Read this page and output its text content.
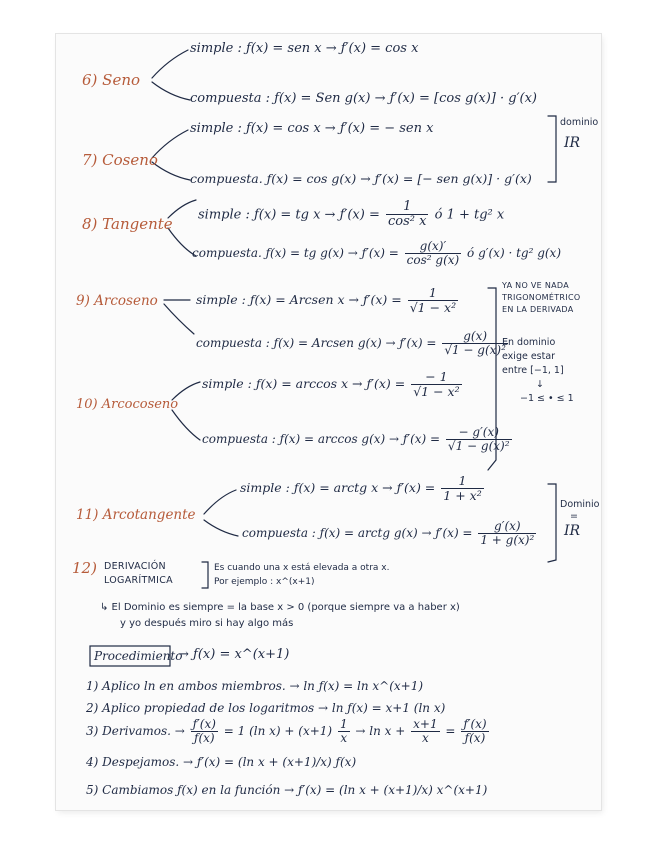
6) Seno
simple : ƒ(x) = sen x → ƒ′(x) = cos x
compuesta : ƒ(x) = Sen g(x) → ƒ′(x) = [cos g(x)] · g′(x)
7) Coseno
simple : ƒ(x) = cos x → ƒ′(x) = − sen x
compuesta. ƒ(x) = cos g(x) → ƒ′(x) = [− sen g(x)] · g′(x)
dominio
IR
8) Tangente
simple : ƒ(x) = tg x → ƒ′(x) = $\frac{1}{\text{cos² x}}$ ó 1 + tg² x
compuesta. ƒ(x) = tg g(x) → ƒ′(x) = $\frac{g(x)'}{\text{cos² g(x)}}$ ó g′(x) · tg² g(x)
9) Arcoseno	simple : ƒ(x) = Arcsen x → ƒ′(x) = $\frac{1}{\text{√1 − x²}}$
compuesta : ƒ(x) = Arcsen g(x) → ƒ′(x) = $\frac{g(x)}{\text{√1 − g(x)²}}$
YA NO VE NADA
TRIGONOMÉTRICO
EN LA DERIVADA
En dominio
exige estar
entre [−1, 1]
↓
−1 ≤ • ≤ 1
10) Arcocoseno
simple : ƒ(x) = arccos x → ƒ′(x) = $\frac{- 1}{\text{√1 − x²}}$
compuesta : ƒ(x) = arccos g(x) → ƒ′(x) = $\frac{- g'(x)}{\text{√1 − g(x)²}}$
11) Arcotangente
simple : ƒ(x) = arctg x → ƒ′(x) = $\frac{1}{\text{1 + x²}}$
compuesta : ƒ(x) = arctg g(x) → ƒ′(x) = $\frac{g'(x)}{\text{1 + g(x)²}}$
Dominio
=
IR
12) DERIVACIÓN
LOGARÍTMICA
Es cuando una x está elevada a otra x.
Por ejemplo : x^(x+1)
↳ El Dominio es siempre = la base x > 0 (porque siempre va a haber x)
y yo después miro si hay algo más
Procedimiento
→ ƒ(x) = x^(x+1)
1) Aplico ln en ambos miembros. → ln ƒ(x) = ln x^(x+1)
2) Aplico propiedad de los logaritmos → ln ƒ(x) = x+1 (ln x)
3) Derivamos. → $\frac{ƒ'(x)}{ƒ(x)} = 1$ (ln $x) + (x+1) \frac{1}{x} \to \ln x + \frac{x+1}{x} = \frac{ƒ'(x)}{ƒ(x)}$
4) Despejamos. → ƒ′(x) = (ln x + (x+1)/x) ƒ(x)
5) Cambiamos ƒ(x) en la función → ƒ′(x) = (ln x + (x+1)/x) x^(x+1)
